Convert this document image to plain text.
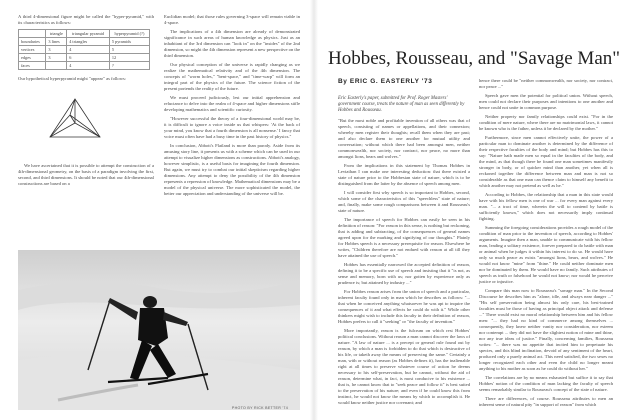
A third 4-dimensional figure might be called the "hyper-pyramid," with its characteristics as follows:

	triangle	triangular pyramid	hyperpyramid (?)
boundaries	3 lines	4 triangles	5 pyramids
vertices	3	4	5
edges	3	6	12
faces		4	?

Our hypothetical hyperpyramid might "appear" as follows:

We have ascertained that it is possible to attempt the construction of a 4th-dimensional geometry, on the basis of a paradigm involving the first, second, and third dimensions. It should be noted that our 4th-dimensional constructions are based on a

Euclidian model; that those rules governing 3-space will remain viable in 4-space.

The implications of a 4th dimension are already of demonstrated significance in such areas of human knowledge as physics. Just as an inhabitant of the 3rd dimension can "look in" on the "insides" of the 2nd dimension, so might the 4th dimension represent a new perspective on the third dimension.

Our physical conception of the universe is rapidly changing as we realize the mathematical relativity and of the 4th dimension. The concepts of "worm holes," "bent-space," and "time-warp" will form an integral part of the physics of the future. The science fiction of the present portends the reality of the future.

We must proceed judiciously, lest our initial apprehension and reluctance to delve into the realm of 4-space and higher dimensions stifle developing mathematics and scientific curiosity.

"However successful the theory of a four-dimensional world may be, it is difficult to ignore a voice inside us that whispers: 'At the back of your mind, you know that a fourth dimension is all nonsense.' I fancy that voice must often have had a busy time in the past history of physics."

In conclusion, Abbott's Flatland is more than parody. Aside from its amusing story line, it presents us with a scheme which can be used in our attempt to visualize higher dimensions as constructions. Abbott's analogy, however simplistic, is a useful basis for imagining the fourth dimension. But again, we must try to combat our initial skepticism regarding higher dimensions. Any attempt to deny the possibility of the 4th dimension represents a repression of knowledge. Mathematical dimensions may be a model of the physical universe. The more sophisticated the model, the better our appreciation and understanding of the universe will be.

PHOTO BY RICK BETTER '74
Hobbes, Rousseau, and "Savage Man"
By ERIC G. EASTERLY '73
Eric Easterly's paper, submitted for Prof. Roger Masters' government course, treats the nature of man as seen differently by Hobbes and Rousseau.

"But the most noble and profitable invention of all others was that of speech, consisting of names or appellations, and their connexion; whereby men register their thoughts; recall them when they are past; and also declare them to one another for mutual utility and conversation; without which there had been amongst men, neither commonwealth, nor society, nor contract, nor peace, no more than amongst lions, bears and wolves."

From the implications in this statement by Thomas Hobbes in Leviathan I can make one interesting deduction: that there existed a state of nature prior to the Hobbesian state of nature, which is to be distinguished from the latter by the absence of speech among men.

I will consider first why speech is so important to Hobbes, second, which some of the characteristics of this "speechless" state of nature; and, finally, make some rough comparisons between it and Rousseau's state of nature.

The importance of speech for Hobbes can easily be seen in his definition of reason: "For reason in this sense, is nothing but reckoning, that is adding and subtracting, of the consequences of general names agreed upon for the marking and signifying of our thoughts." Plainly for Hobbes speech is a necessary prerequisite for reason. Elsewhere he writes, "Children therefore are not endued with reason at all till they have attained the use of speech."

Hobbes has essentially narrowed the accepted definition of reason, defining it to be a specific use of speech and insisting that it "is not, as sense and memory, born with us; nor gotten by experience only as prudence is; but attained by industry ..."

For Hobbes reason arises from the union of speech and a particular, inherent faculty found only in man which he describes as follows: "... that when he conceived anything whatsoever he was apt to inquire the consequences of it and what effects he could do with it." While other thinkers might wish to include this faculty in their definition of reason, Hobbes prefers to call it "seeking" or "the faculty of invention."

More importantly, reason is the fulcrum on which rest Hobbes' political conclusions. Without reason a man cannot discover the laws of nature. "A law of nature ... is a precept or general rule found out by reason, by which a man is forbidden to do that which is destructive of his life, or taketh away the means of preserving the same." Certainly a man, with or without reason (as Hobbes defines it), has the inalienable right at all times to preserve whatever course of action he deems necessary to his self-preservation, but he cannot, without the aid of reason, determine what, in fact, is most conducive to his existence ... that is, he cannot know that to "seek peace and follow it" is best suited to the preservation of his nature; and even if he could know this from instinct, he would not know the means by which to accomplish it. He would know neither justice nor covenant; and

hence there could be "neither commonwealth, nor society, nor contract, nor peace ..."

Speech gave men the potential for political union. Without speech, men could not declare their purposes and intentions to one another and hence could not unite in common purpose.

Neither property nor family relationships could exist. "For in the condition of mere nature, where there are no matrimonial laws, it cannot be known who is the father, unless it be declared by the mother."

Furthermore, since men cannot effectively unite, the power of a particular man to dominate another is determined by the difference of their respective faculties of the body and mind; but Hobbes has this to say: "Nature hath made men so equal in the faculties of the body, and the mind, as that though there be found one man sometimes manifestly stronger in body, or of quicker mind than another, yet when all is reckoned together the difference between man and man is not so considerable as that one man can thence claim to himself any benefit to which another may not pretend as well as he."

According to Hobbes, the relationship that a man in this state would have with his fellow men is one of war ... for every man against every man. "... a tract of time, wherein the will to contend by battle is sufficiently known," which does not necessarily imply continual fighting.

Summing the foregoing considerations provides a rough model of the condition of man prior to the invention of speech, according to Hobbes' arguments. Imagine then a man, unable to communicate with his fellow man, leading a solitary existence, forever prepared to do battle with man or animal when he judges it within his interest to do so. He would have only so much peace as exists "amongst lions, bears, and wolves." He would not know "mine" from "thine." He could neither dominate men nor be dominated by them. He would have no family. Such attributes of speech as truth or falsehood he would not know; nor would he perceive justice or injustice.

Compare this man now to Rousseau's "savage man." In the Second Discourse he describes him as "alone, idle, and always near danger ..." "His self preservation being almost his only care, his best-trained faculties must be those of having as principal object attack and defense ..." There would exist no moral relationship between him and his fellow men: "... they had no kind of commerce among themselves ... consequently, they knew neither vanity nor consideration, nor esteem nor contempt ... they did not have the slightest notion of mine and thine, nor any true ideas of justice." Finally, concerning families, Rousseau writes: "... there was no appetite that incited him to perpetuate his species, and this blind inclination, devoid of any sentiment of the heart, produced only a purely animal act. This need satisfied, the two sexes no longer recognized each other and even the child no longer meant anything to his mother as soon as he could do without her."

The correlations are by no means exhausted but suffice it to say that Hobbes' notion of the condition of man lacking the faculty of speech seems remarkably similar to Rousseau's concept of the state of nature.

There are differences, of course. Rousseau attributes to men an inherent sense of natural pity "in support of reason" from which
